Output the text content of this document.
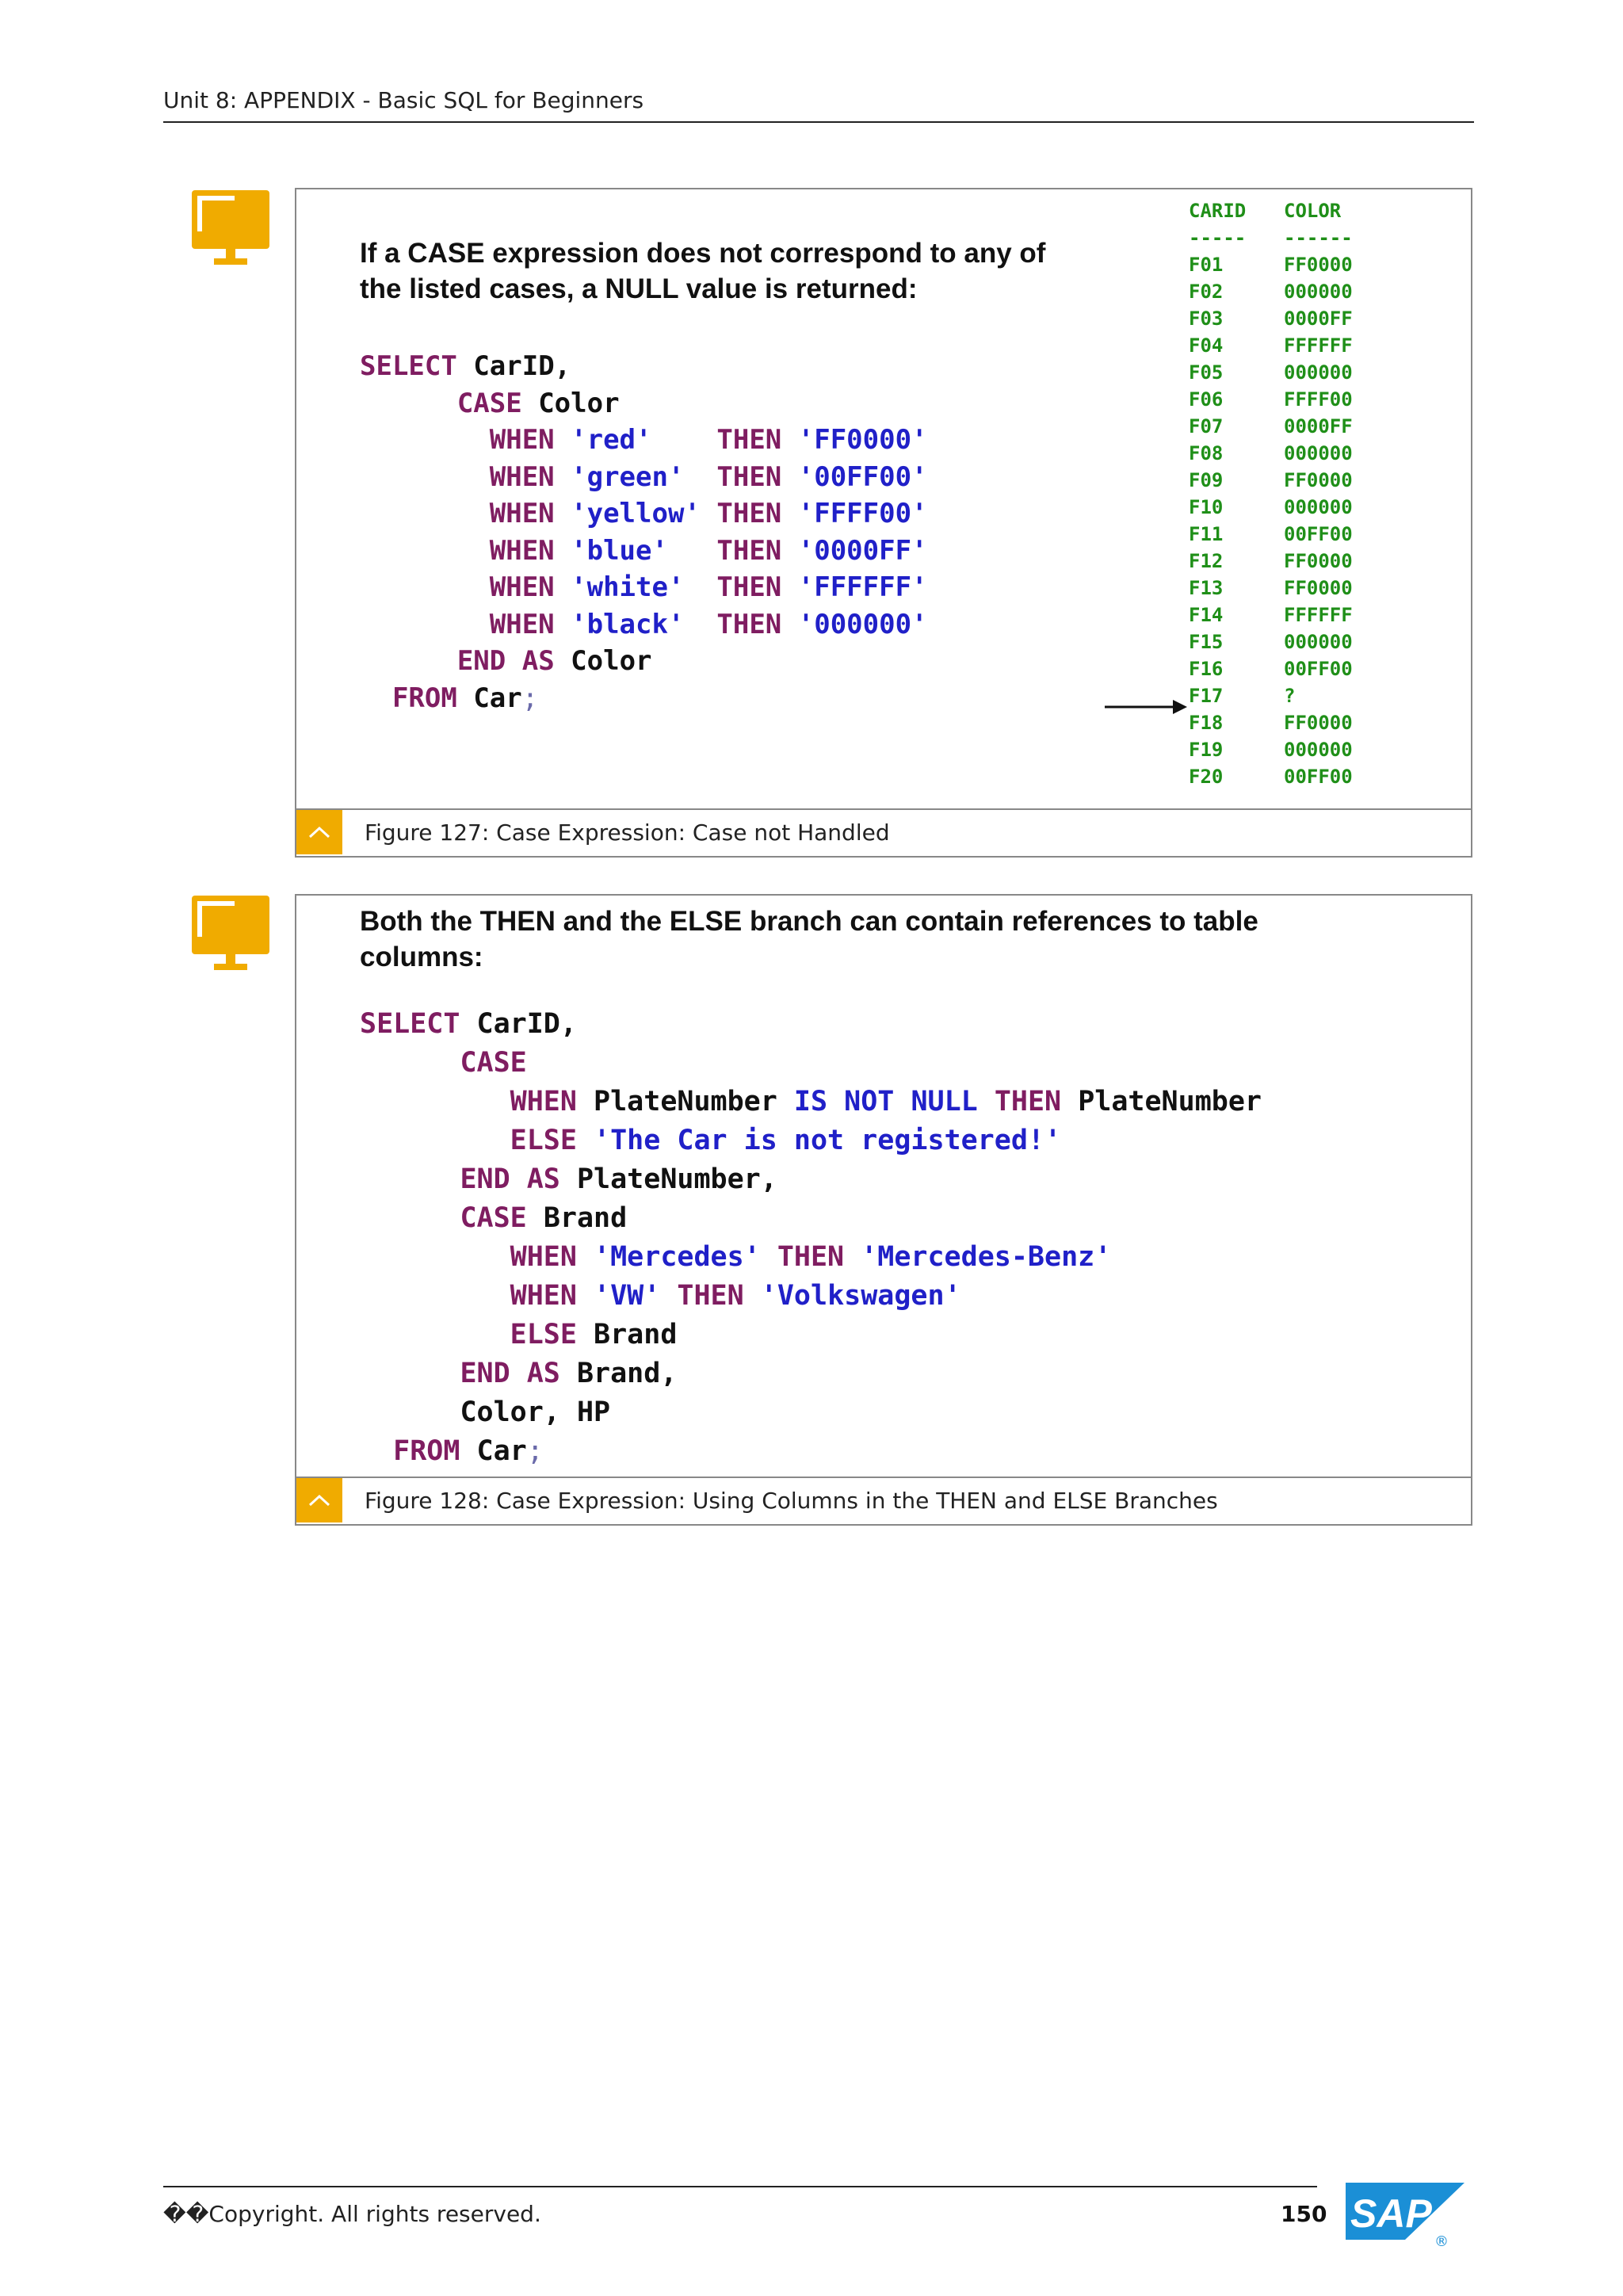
Unit 8: APPENDIX - Basic SQL for Beginners
If a CASE expression does not correspond to any of
the listed cases, a NULL value is returned:
SELECT CarID,
CASE Color
WHEN 'red' THEN 'FF0000'
WHEN 'green' THEN '00FF00'
WHEN 'yellow' THEN 'FFFF00'
WHEN 'blue' THEN '0000FF'
WHEN 'white' THEN 'FFFFFF'
WHEN 'black' THEN '000000'
END AS Color
FROM Car;
CARID	COLOR
-----	------
F01	FF0000
F02	000000
F03	0000FF
F04	FFFFFF
F05	000000
F06	FFFF00
F07	0000FF
F08	000000
F09	FF0000
F10	000000
F11	00FF00
F12	FF0000
F13	FF0000
F14	FFFFFF
F15	000000
F16	00FF00
F17	?
F18	FF0000
F19	000000
F20	00FF00
Figure 127: Case Expression: Case not Handled
Both the THEN and the ELSE branch can contain references to table
columns:
SELECT CarID,
CASE
WHEN PlateNumber IS NOT NULL THEN PlateNumber
ELSE 'The Car is not registered!'
END AS PlateNumber,
CASE Brand
WHEN 'Mercedes' THEN 'Mercedes-Benz'
WHEN 'VW' THEN 'Volkswagen'
ELSE Brand
END AS Brand,
Color, HP
FROM Car;
Figure 128: Case Expression: Using Columns in the THEN and ELSE Branches
��Copyright. All rights reserved.	150 SAP
®
